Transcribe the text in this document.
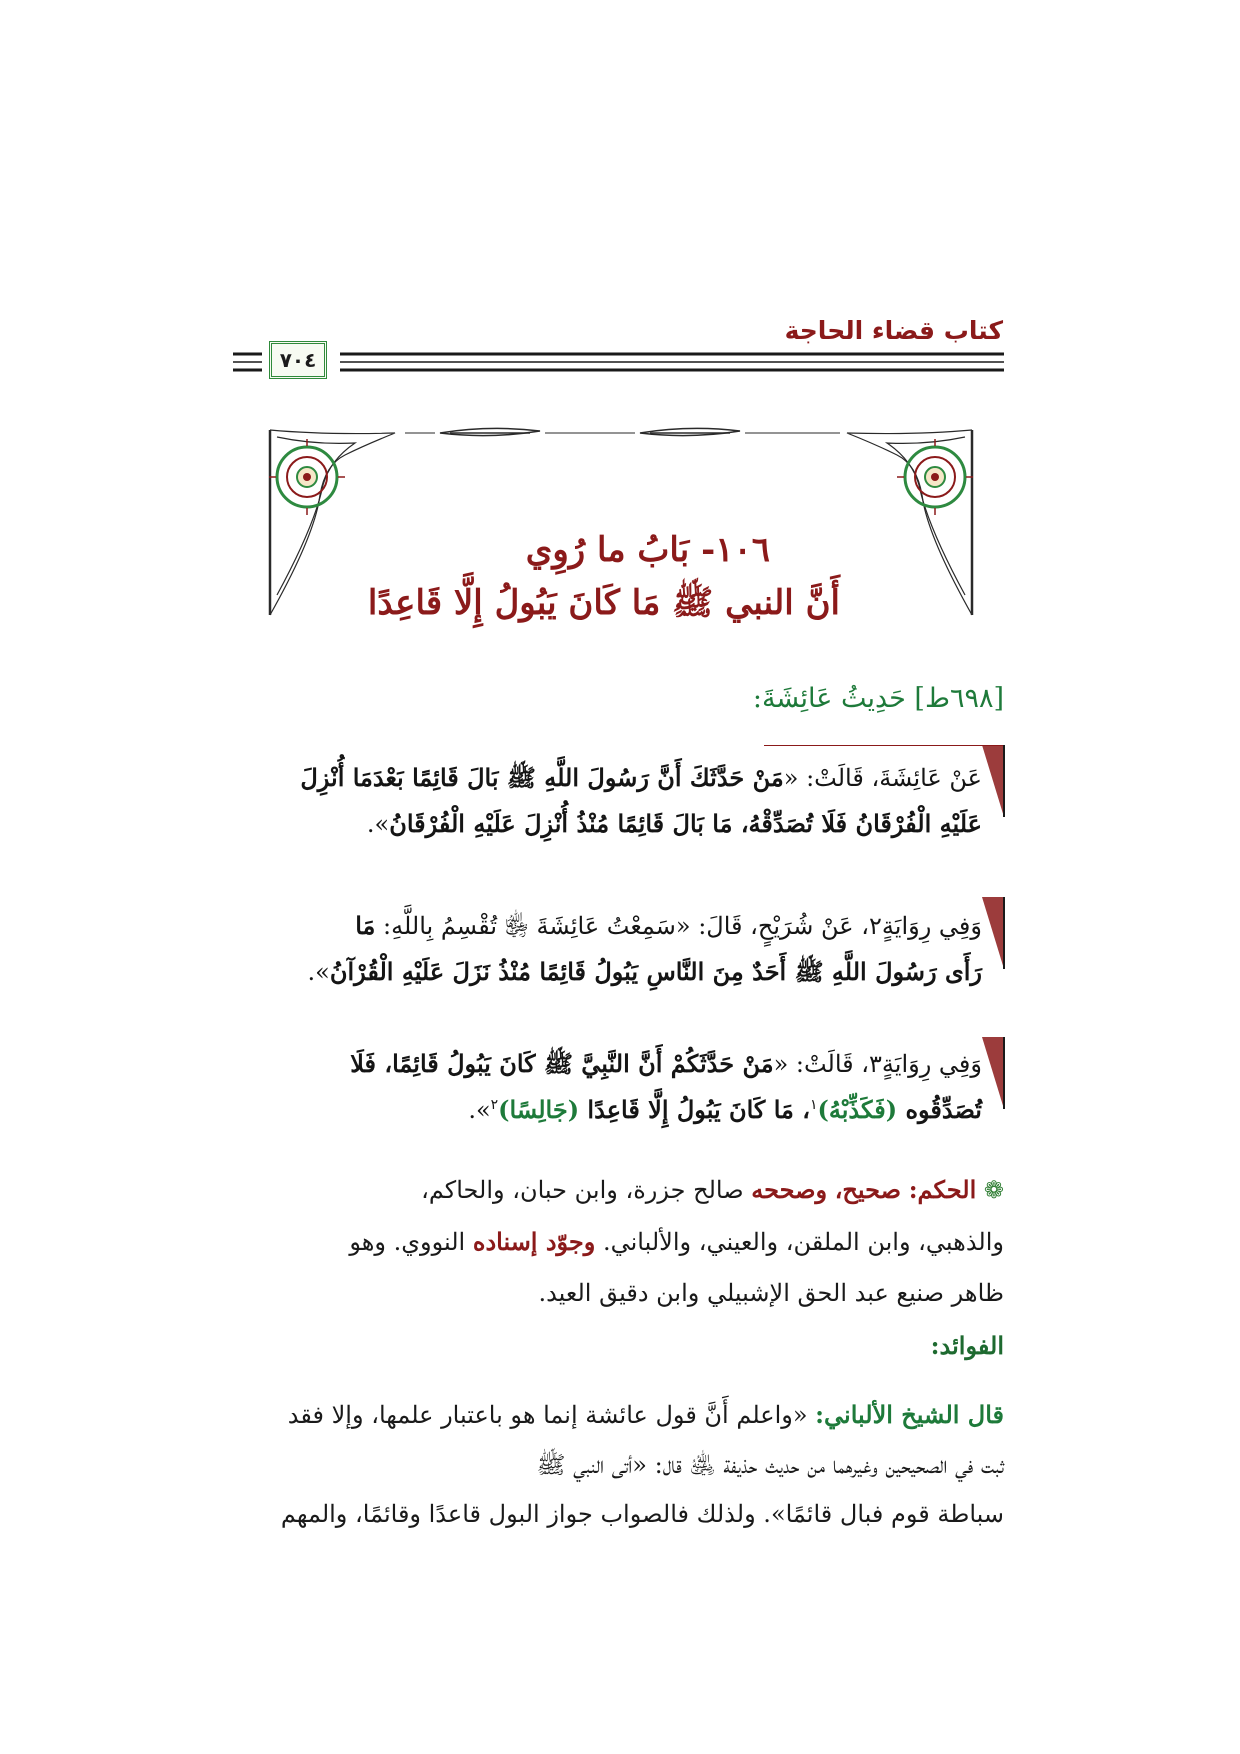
كتاب قضاء الحاجة
٧٠٤
١٠٦- بَابُ ما رُوِي
أَنَّ النبي ﷺ مَا كَانَ يَبُولُ إِلَّا قَاعِدًا
[٦٩٨ط] حَدِيثُ عَائِشَةَ:
عَنْ عَائِشَةَ، قَالَتْ: «مَنْ حَدَّثَكَ أَنَّ رَسُولَ اللَّهِ ﷺ بَالَ قَائِمًا بَعْدَمَا أُنْزِلَ
عَلَيْهِ الْفُرْقَانُ فَلَا تُصَدِّقْهُ، مَا بَالَ قَائِمًا مُنْذُ أُنْزِلَ عَلَيْهِ الْفُرْقَانُ».
وَفِي رِوَايَةٍ٢، عَنْ شُرَيْحٍ، قَالَ: «سَمِعْتُ عَائِشَةَ ﵂ تُقْسِمُ بِاللَّهِ: مَا
رَأَى رَسُولَ اللَّهِ ﷺ أَحَدٌ مِنَ النَّاسِ يَبُولُ قَائِمًا مُنْذُ نَزَلَ عَلَيْهِ الْقُرْآنُ».
وَفِي رِوَايَةٍ٣، قَالَتْ: «مَنْ حَدَّثَكُمْ أَنَّ النَّبِيَّ ﷺ كَانَ يَبُولُ قَائِمًا، فَلَا
تُصَدِّقُوه (فَكَذِّبْهُ)$^١$، مَا كَانَ يَبُولُ إِلَّا قَاعِدًا (جَالِسًا)$^٢$».
❁ الحكم: صحيح، وصححه صالح جزرة، وابن حبان، والحاكم،
والذهبي، وابن الملقن، والعيني، والألباني. وجوّد إسناده النووي. وهو
ظاهر صنيع عبد الحق الإشبيلي وابن دقيق العيد.
الفوائد:
قال الشيخ الألباني: «واعلم أَنَّ قول عائشة إنما هو باعتبار علمها، وإلا فقد
ثبت في الصحيحين وغيرهما من حديث حذيفة ﵁ قال: «أتى النبي ﷺ
سباطة قوم فبال قائمًا». ولذلك فالصواب جواز البول قاعدًا وقائمًا، والمهم
